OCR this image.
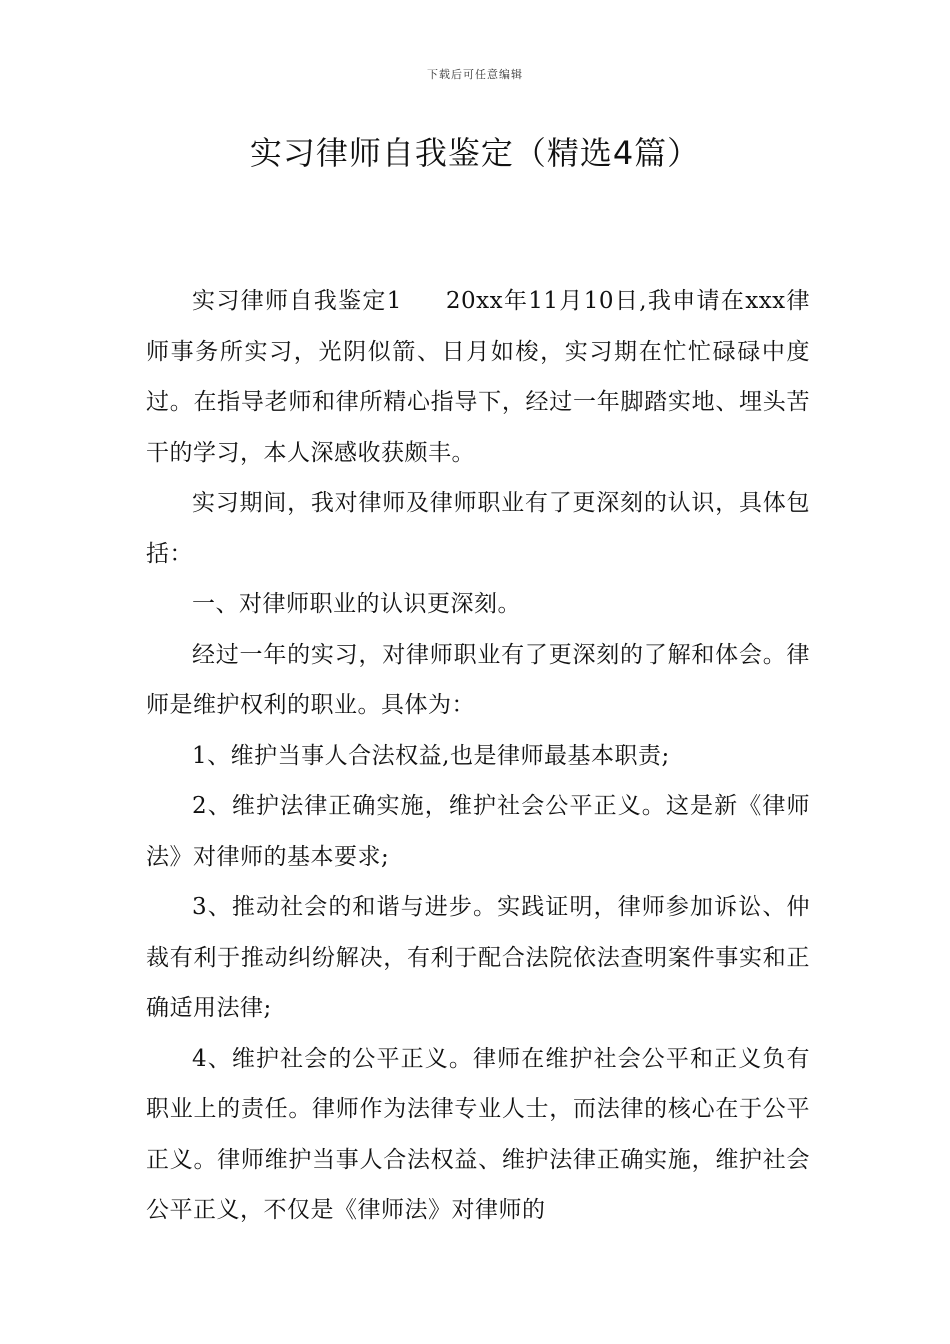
下载后可任意编辑
实习律师自我鉴定（精选4篇）

实习律师自我鉴定1 20xx年11月10日,我申请在xxx律师事务所实习，光阴似箭、日月如梭，实习期在忙忙碌碌中度过。在指导老师和律所精心指导下，经过一年脚踏实地、埋头苦干的学习，本人深感收获颇丰。

实习期间，我对律师及律师职业有了更深刻的认识，具体包括：

一、对律师职业的认识更深刻。

经过一年的实习，对律师职业有了更深刻的了解和体会。律师是维护权利的职业。具体为：

1、维护当事人合法权益,也是律师最基本职责;

2、维护法律正确实施，维护社会公平正义。这是新《律师法》对律师的基本要求;

3、推动社会的和谐与进步。实践证明，律师参加诉讼、仲裁有利于推动纠纷解决，有利于配合法院依法查明案件事实和正确适用法律;

4、维护社会的公平正义。律师在维护社会公平和正义负有职业上的责任。律师作为法律专业人士，而法律的核心在于公平正义。律师维护当事人合法权益、维护法律正确实施，维护社会公平正义，不仅是《律师法》对律师的
